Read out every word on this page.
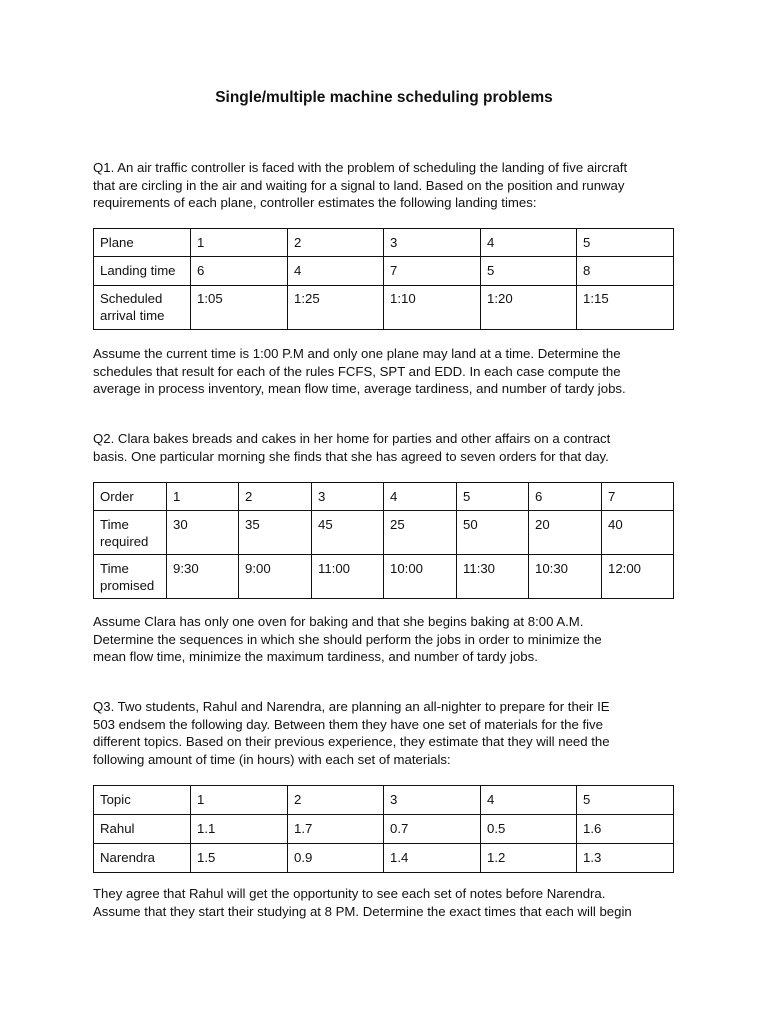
Single/multiple machine scheduling problems

Q1. An air traffic controller is faced with the problem of scheduling the landing of five aircraft
that are circling in the air and waiting for a signal to land. Based on the position and runway
requirements of each plane, controller estimates the following landing times:

Plane	1	2	3	4	5
Landing time	6	4	7	5	8
Scheduled
arrival time	1:05	1:25	1:10	1:20	1:15

Assume the current time is 1:00 P.M and only one plane may land at a time. Determine the
schedules that result for each of the rules FCFS, SPT and EDD. In each case compute the
average in process inventory, mean flow time, average tardiness, and number of tardy jobs.

Q2. Clara bakes breads and cakes in her home for parties and other affairs on a contract
basis. One particular morning she finds that she has agreed to seven orders for that day.

Order	1	2	3	4	5	6	7
Time
required	30	35	45	25	50	20	40
Time
promised	9:30	9:00	11:00	10:00	11:30	10:30	12:00

Assume Clara has only one oven for baking and that she begins baking at 8:00 A.M.
Determine the sequences in which she should perform the jobs in order to minimize the
mean flow time, minimize the maximum tardiness, and number of tardy jobs.

Q3. Two students, Rahul and Narendra, are planning an all-nighter to prepare for their IE
503 endsem the following day. Between them they have one set of materials for the five
different topics. Based on their previous experience, they estimate that they will need the
following amount of time (in hours) with each set of materials:

Topic	1	2	3	4	5
Rahul	1.1	1.7	0.7	0.5	1.6
Narendra	1.5	0.9	1.4	1.2	1.3

They agree that Rahul will get the opportunity to see each set of notes before Narendra.
Assume that they start their studying at 8 PM. Determine the exact times that each will begin
